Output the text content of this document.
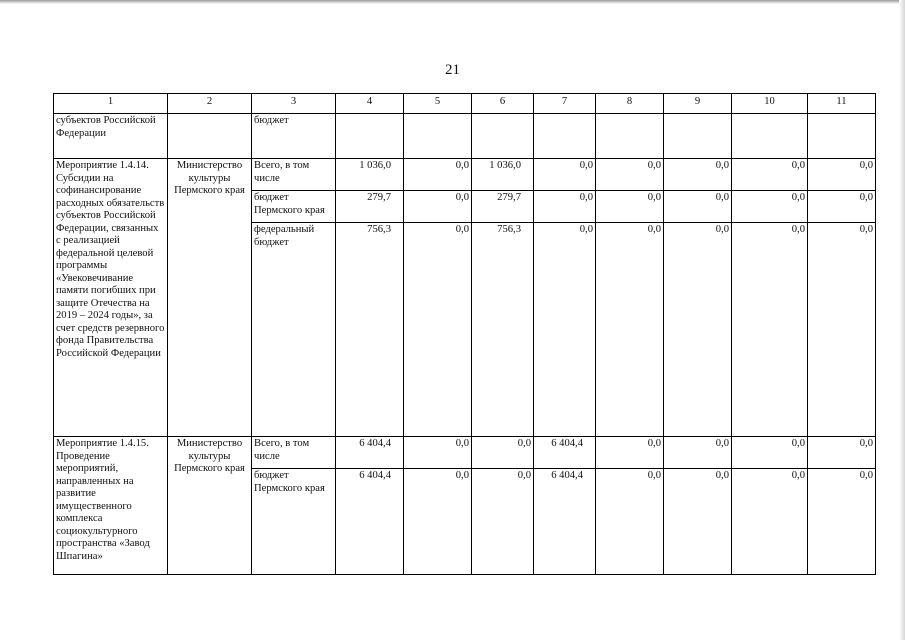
21
1	2	3	4	5	6	7	8	9	10	11
субъектов Российской Федерации		бюджет								
Мероприятие 1.4.14. Субсидии на софинансирование расходных обязательств субъектов Российской Федерации, связанных с реализацией федеральной целевой программы «Увековечивание памяти погибших при защите Отечества на 2019 – 2024 годы», за счет средств резервного фонда Правительства Российской Федерации	Министерство культуры Пермского края	Всего, в том числе	1 036,0	0,0	1 036,0	0,0	0,0	0,0	0,0	0,0
		бюджет Пермского края	279,7	0,0	279,7	0,0	0,0	0,0	0,0	0,0
		федеральный бюджет	756,3	0,0	756,3	0,0	0,0	0,0	0,0	0,0
Мероприятие 1.4.15. Проведение мероприятий, направленных на развитие имущественного комплекса социокультурного пространства «Завод Шпагина»	Министерство культуры Пермского края	Всего, в том числе	6 404,4	0,0	0,0	6 404,4	0,0	0,0	0,0	0,0
		бюджет Пермского края	6 404,4	0,0	0,0	6 404,4	0,0	0,0	0,0	0,0
